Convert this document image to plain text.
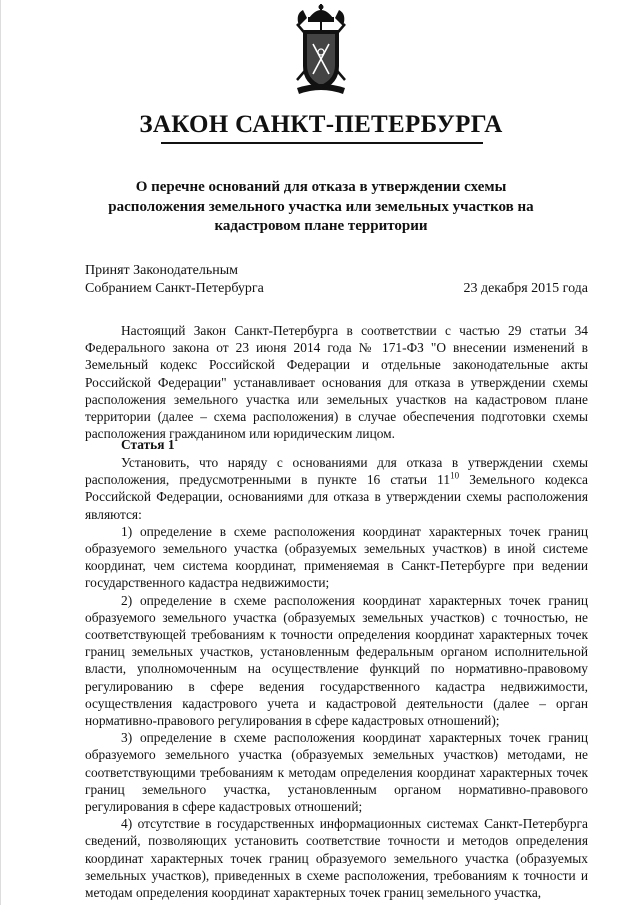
ЗАКОН САНКТ-ПЕТЕРБУРГА

О перечне оснований для отказа в утверждении схемы расположения земельного участка или земельных участков на кадастровом плане территории

Принят Законодательным
Собранием Санкт-Петербурга	23 декабря 2015 года

Настоящий Закон Санкт-Петербурга в соответствии с частью 29 статьи 34 Федерального закона от 23 июня 2014 года № 171-ФЗ "О внесении изменений в Земельный кодекс Российской Федерации и отдельные законодательные акты Российской Федерации" устанавливает основания для отказа в утверждении схемы расположения земельного участка или земельных участков на кадастровом плане территории (далее – схема расположения) в случае обеспечения подготовки схемы расположения гражданином или юридическим лицом.

Статья 1

Установить, что наряду с основаниями для отказа в утверждении схемы расположения, предусмотренными в пункте 16 статьи $11^{10}$ Земельного кодекса Российской Федерации, основаниями для отказа в утверждении схемы расположения являются:

1) определение в схеме расположения координат характерных точек границ образуемого земельного участка (образуемых земельных участков) в иной системе координат, чем система координат, применяемая в Санкт-Петербурге при ведении государственного кадастра недвижимости;

2) определение в схеме расположения координат характерных точек границ образуемого земельного участка (образуемых земельных участков) с точностью, не соответствующей требованиям к точности определения координат характерных точек границ земельных участков, установленным федеральным органом исполнительной власти, уполномоченным на осуществление функций по нормативно-правовому регулированию в сфере ведения государственного кадастра недвижимости, осуществления кадастрового учета и кадастровой деятельности (далее – орган нормативно-правового регулирования в сфере кадастровых отношений);

3) определение в схеме расположения координат характерных точек границ образуемого земельного участка (образуемых земельных участков) методами, не соответствующими требованиям к методам определения координат характерных точек границ земельного участка, установленным органом нормативно-правового регулирования в сфере кадастровых отношений;

4) отсутствие в государственных информационных системах Санкт-Петербурга сведений, позволяющих установить соответствие точности и методов определения координат характерных точек границ образуемого земельного участка (образуемых земельных участков), приведенных в схеме расположения, требованиям к точности и методам определения координат характерных точек границ земельного участка,
